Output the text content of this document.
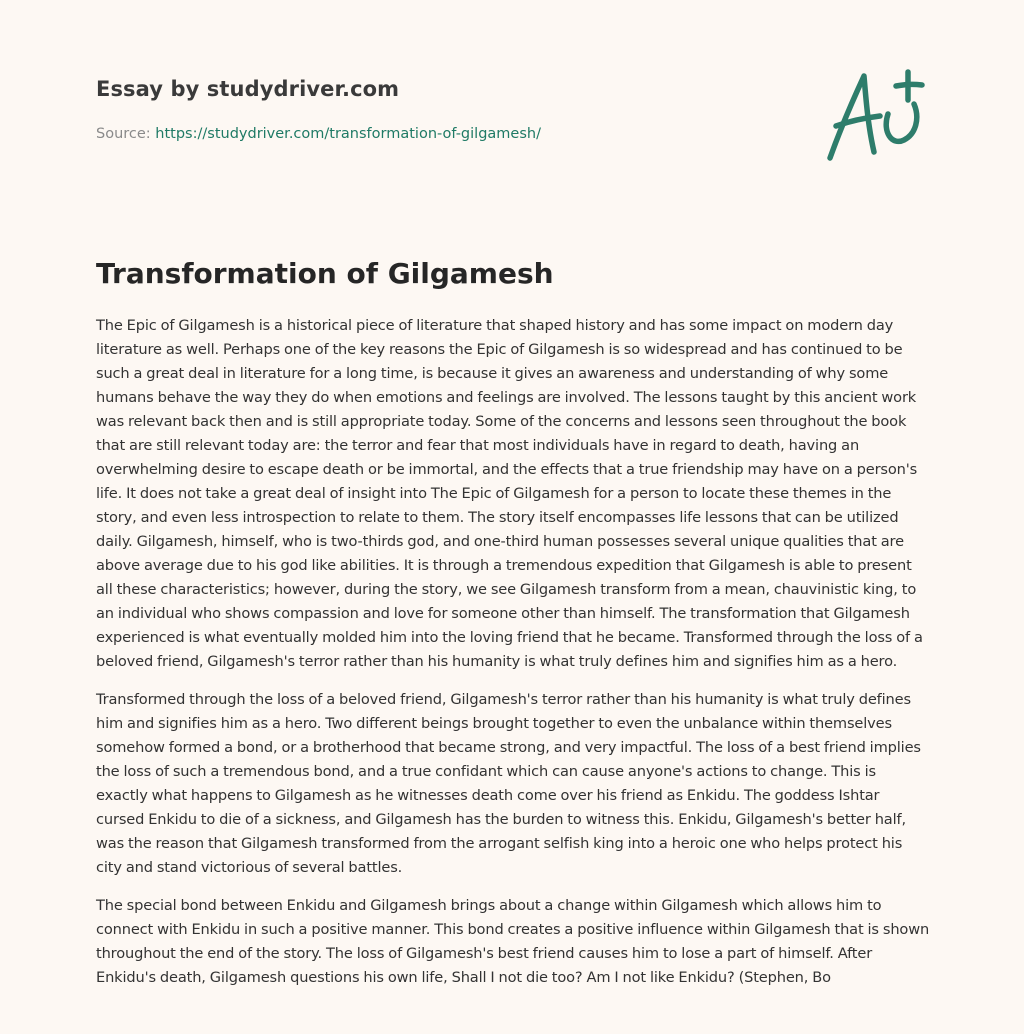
Essay by studydriver.com
Source: https://studydriver.com/transformation-of-gilgamesh/
Transformation of Gilgamesh

The Epic of Gilgamesh is a historical piece of literature that shaped history and has some impact on modern day literature as well. Perhaps one of the key reasons the Epic of Gilgamesh is so widespread and has continued to be such a great deal in literature for a long time, is because it gives an awareness and understanding of why some humans behave the way they do when emotions and feelings are involved. The lessons taught by this ancient work was relevant back then and is still appropriate today. Some of the concerns and lessons seen throughout the book that are still relevant today are: the terror and fear that most individuals have in regard to death, having an overwhelming desire to escape death or be immortal, and the effects that a true friendship may have on a person's life. It does not take a great deal of insight into The Epic of Gilgamesh for a person to locate these themes in the story, and even less introspection to relate to them. The story itself encompasses life lessons that can be utilized daily. Gilgamesh, himself, who is two-thirds god, and one-third human possesses several unique qualities that are above average due to his god like abilities. It is through a tremendous expedition that Gilgamesh is able to present all these characteristics; however, during the story, we see Gilgamesh transform from a mean, chauvinistic king, to an individual who shows compassion and love for someone other than himself. The transformation that Gilgamesh experienced is what eventually molded him into the loving friend that he became. Transformed through the loss of a beloved friend, Gilgamesh's terror rather than his humanity is what truly defines him and signifies him as a hero.

Transformed through the loss of a beloved friend, Gilgamesh's terror rather than his humanity is what truly defines him and signifies him as a hero. Two different beings brought together to even the unbalance within themselves somehow formed a bond, or a brotherhood that became strong, and very impactful. The loss of a best friend implies the loss of such a tremendous bond, and a true confidant which can cause anyone's actions to change. This is exactly what happens to Gilgamesh as he witnesses death come over his friend as Enkidu. The goddess Ishtar cursed Enkidu to die of a sickness, and Gilgamesh has the burden to witness this. Enkidu, Gilgamesh's better half, was the reason that Gilgamesh transformed from the arrogant selfish king into a heroic one who helps protect his city and stand victorious of several battles.

The special bond between Enkidu and Gilgamesh brings about a change within Gilgamesh which allows him to connect with Enkidu in such a positive manner. This bond creates a positive influence within Gilgamesh that is shown throughout the end of the story. The loss of Gilgamesh's best friend causes him to lose a part of himself. After Enkidu's death, Gilgamesh questions his own life, Shall I not die too? Am I not like Enkidu? (Stephen, Bo
